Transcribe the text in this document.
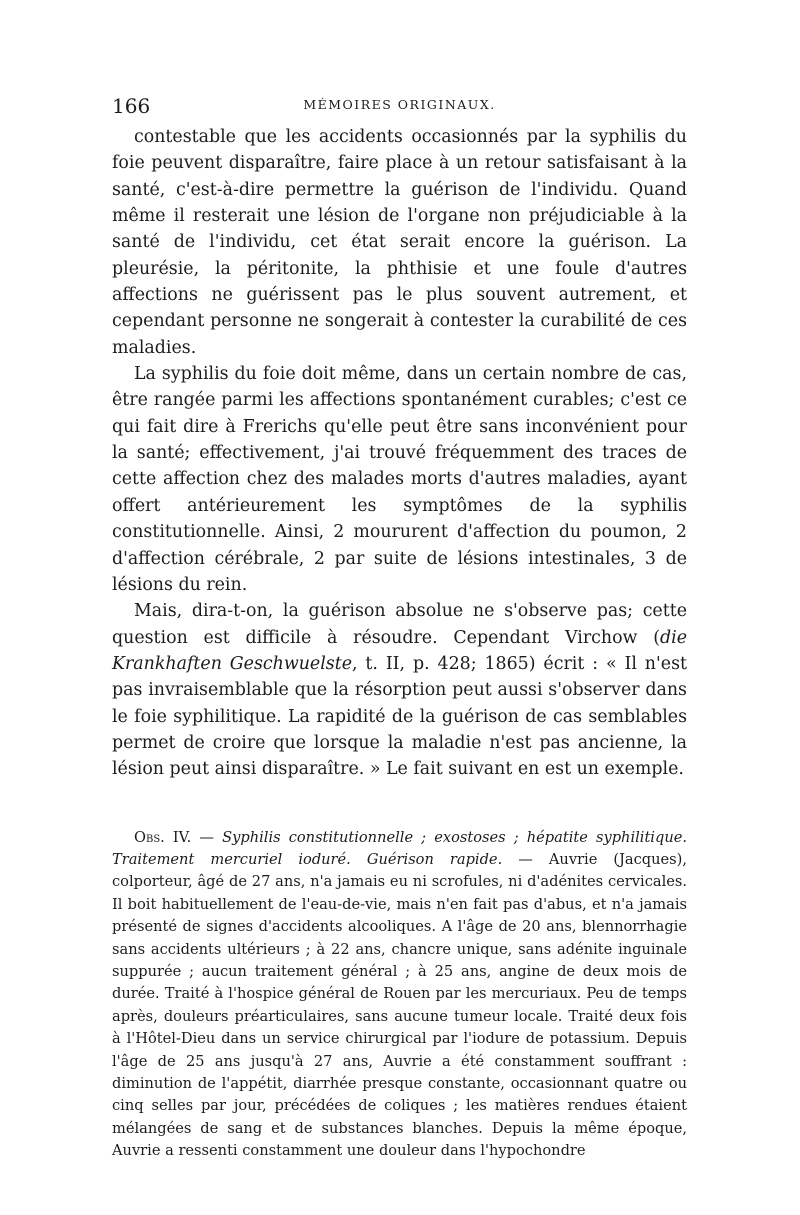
166	MÉMOIRES ORIGINAUX.

contestable que les accidents occasionnés par la syphilis du foie peuvent disparaître, faire place à un retour satisfaisant à la santé, c'est-à-dire permettre la guérison de l'individu. Quand même il resterait une lésion de l'organe non préjudiciable à la santé de l'individu, cet état serait encore la guérison. La pleurésie, la péritonite, la phthisie et une foule d'autres affections ne guérissent pas le plus souvent autrement, et cependant personne ne songerait à contester la curabilité de ces maladies.

La syphilis du foie doit même, dans un certain nombre de cas, être rangée parmi les affections spontanément curables; c'est ce qui fait dire à Frerichs qu'elle peut être sans inconvénient pour la santé; effectivement, j'ai trouvé fréquemment des traces de cette affection chez des malades morts d'autres maladies, ayant offert antérieurement les symptômes de la syphilis constitutionnelle. Ainsi, 2 moururent d'affection du poumon, 2 d'affection cérébrale, 2 par suite de lésions intestinales, 3 de lésions du rein.

Mais, dira-t-on, la guérison absolue ne s'observe pas; cette question est difficile à résoudre. Cependant Virchow (die Krankhaften Geschwuelste, t. II, p. 428; 1865) écrit : « Il n'est pas invraisemblable que la résorption peut aussi s'observer dans le foie syphilitique. La rapidité de la guérison de cas semblables permet de croire que lorsque la maladie n'est pas ancienne, la lésion peut ainsi disparaître. » Le fait suivant en est un exemple.

Obs. IV. — Syphilis constitutionnelle ; exostoses ; hépatite syphilitique. Traitement mercuriel ioduré. Guérison rapide. — Auvrie (Jacques), colporteur, âgé de 27 ans, n'a jamais eu ni scrofules, ni d'adénites cervicales. Il boit habituellement de l'eau-de-vie, mais n'en fait pas d'abus, et n'a jamais présenté de signes d'accidents alcooliques. A l'âge de 20 ans, blennorrhagie sans accidents ultérieurs ; à 22 ans, chancre unique, sans adénite inguinale suppurée ; aucun traitement général ; à 25 ans, angine de deux mois de durée. Traité à l'hospice général de Rouen par les mercuriaux. Peu de temps après, douleurs préarticulaires, sans aucune tumeur locale. Traité deux fois à l'Hôtel-Dieu dans un service chirurgical par l'iodure de potassium. Depuis l'âge de 25 ans jusqu'à 27 ans, Auvrie a été constamment souffrant : diminution de l'appétit, diarrhée presque constante, occasionnant quatre ou cinq selles par jour, précédées de coliques ; les matières rendues étaient mélangées de sang et de substances blanches. Depuis la même époque, Auvrie a ressenti constamment une douleur dans l'hypochondre
